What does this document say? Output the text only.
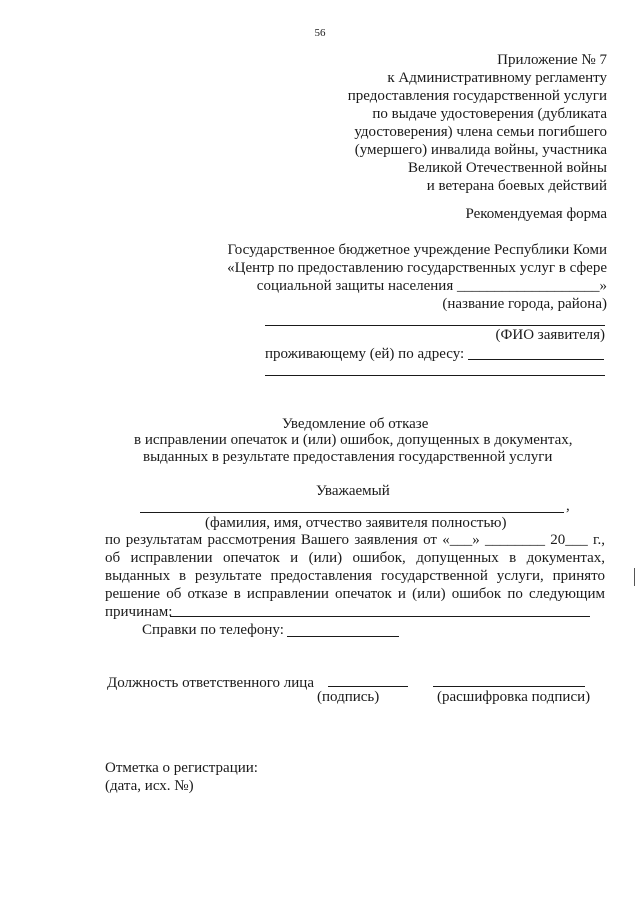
56
Приложение № 7
к Административному регламенту
предоставления государственной услуги
по выдаче удостоверения (дубликата
удостоверения) члена семьи погибшего
(умершего) инвалида войны, участника
Великой Отечественной войны
и ветерана боевых действий
Рекомендуемая форма
Государственное бюджетное учреждение Республики Коми
«Центр по предоставлению государственных услуг в сфере
социальной защиты населения ___________________»
(название города, района)
(ФИО заявителя)
проживающему (ей) по адресу:
Уведомление об отказе
в исправлении опечаток и (или) ошибок, допущенных в документах,
выданных в результате предоставления государственной услуги
Уважаемый
,
(фамилия, имя, отчество заявителя полностью)
по результатам рассмотрения Вашего заявления от «___» ________ 20___ г.,
об исправлении опечаток и (или) ошибок, допущенных в документах,
выданных в результате предоставления государственной услуги, принято
решение об отказе в исправлении опечаток и (или) ошибок по следующим
причинам:
Справки по телефону:
Должность ответственного лица
(подпись)	(расшифровка подписи)
Отметка о регистрации:
(дата, исх. №)
